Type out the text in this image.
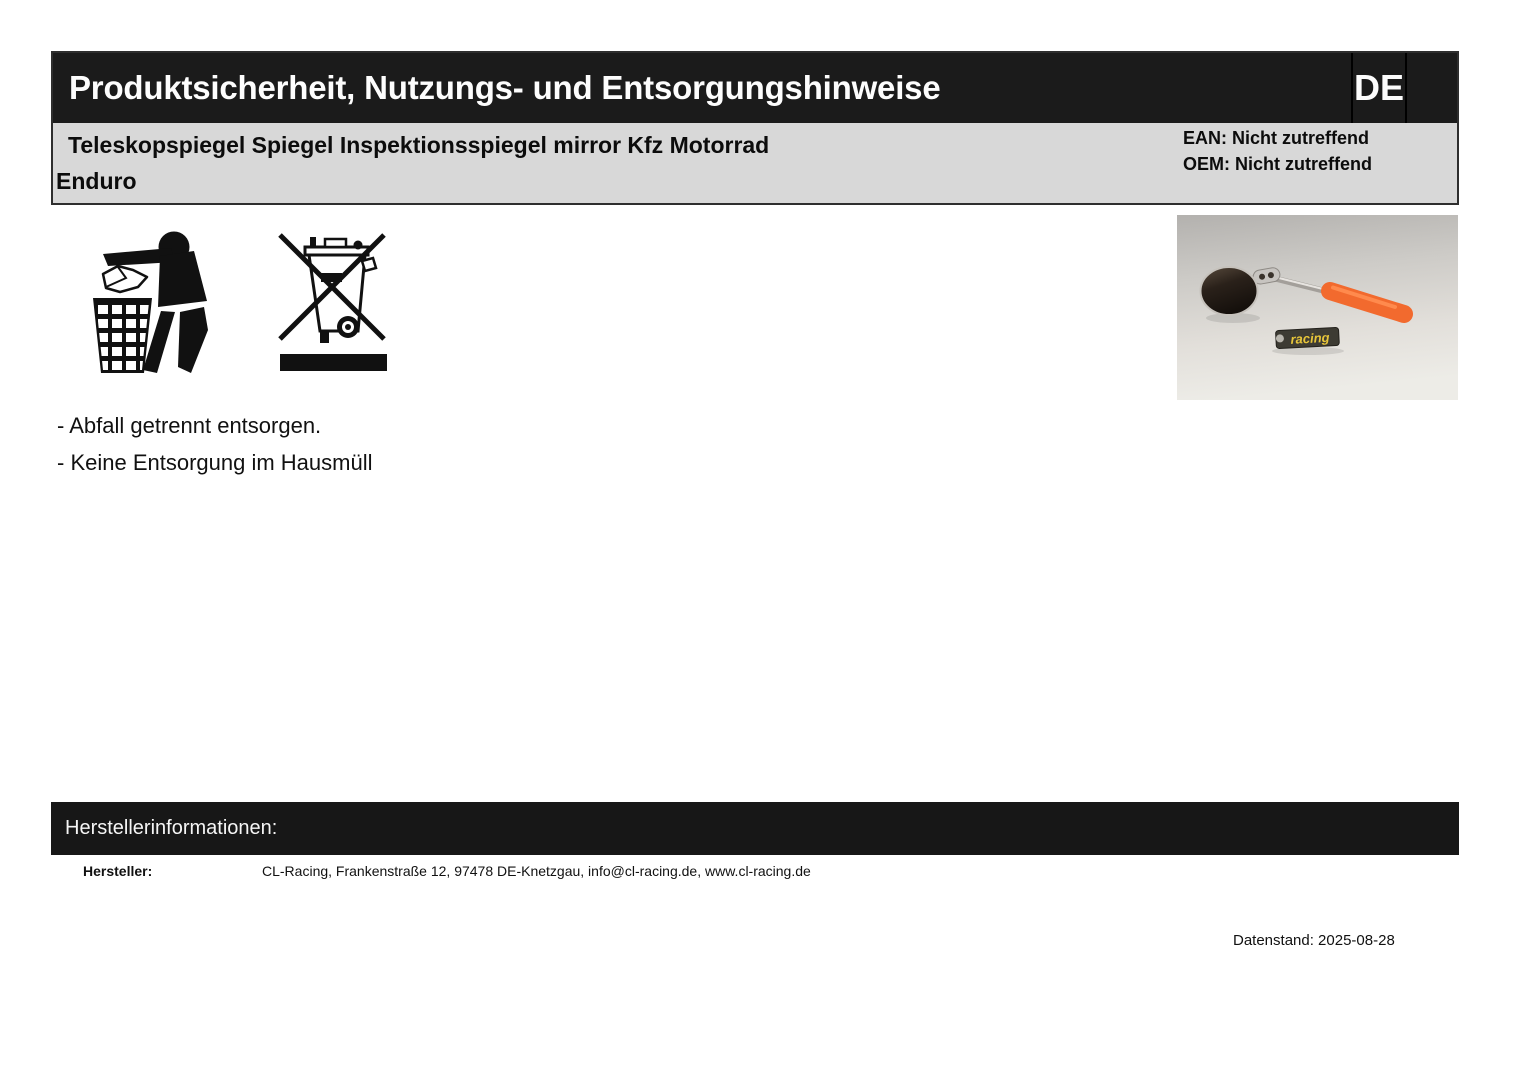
Produktsicherheit, Nutzungs- und Entsorgungshinweise	DE
Teleskopspiegel Spiegel Inspektionsspiegel mirror Kfz Motorrad
Enduro
EAN: Nicht zutreffend
OEM: Nicht zutreffend
racing
- Abfall getrennt entsorgen.
- Keine Entsorgung im Hausmüll
Herstellerinformationen:
Hersteller:	CL-Racing, Frankenstraße 12, 97478 DE-Knetzgau, info@cl-racing.de, www.cl-racing.de
Datenstand: 2025-08-28
